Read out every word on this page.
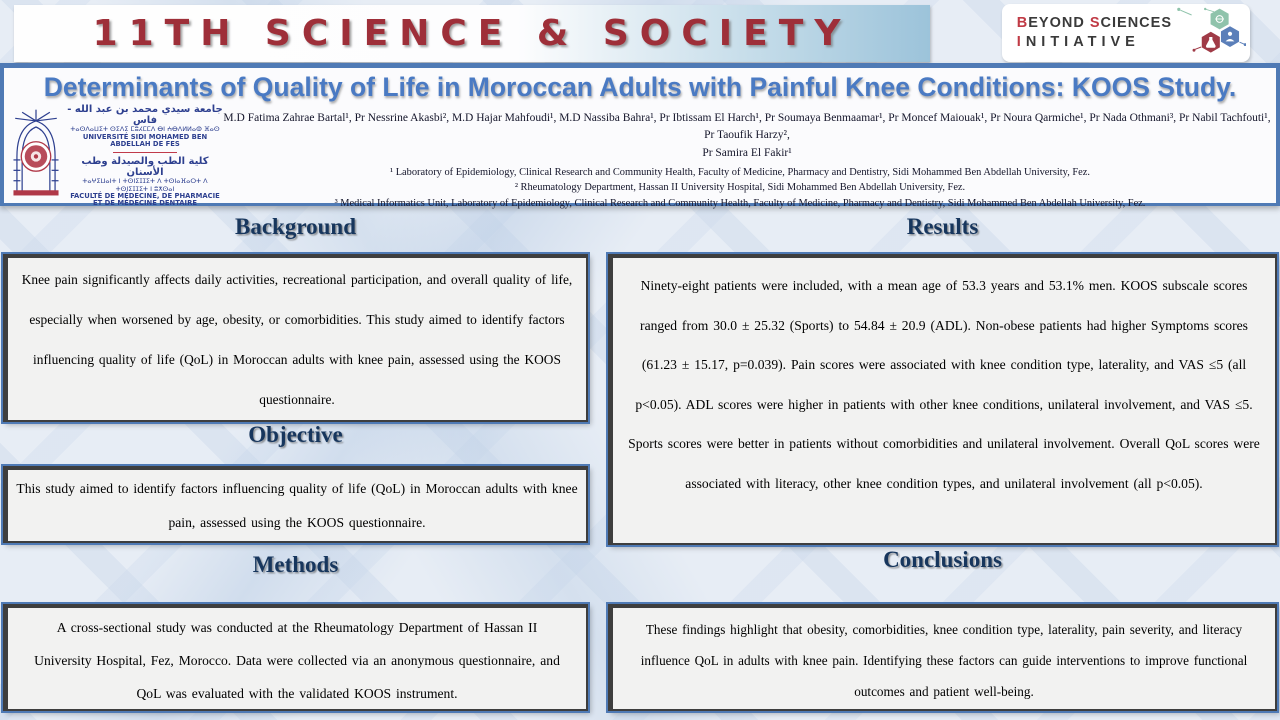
11TH SCIENCE & SOCIETY	BEYOND SCIENCES
INITIATIVE
Determinants of Quality of Life in Moroccan Adults with Painful Knee Conditions: KOOS Study.
جامعة سيدي محمد بن عبد الله - فاس
ⵜⴰⵙⴷⴰⵡⵉⵜ ⵙⵉⴷⵉ ⵎⵓⵃⵎⵎⴷ ⴱⵏ ⵄⴱⴷⵍⵍⴰⵀ ⴼⴰⵙ
UNIVERSITÉ SIDI MOHAMED BEN ABDELLAH DE FES
كلية الطب والصيدلة وطب الأسنان
ⵜⴰⵖⵉⵡⴰⵏⵜ ⵏ ⵜⵙⵏⵉⵊⵊⵉⵜ ⴷ ⵜⵙⵏⴰⴼⴰⵔⵜ ⴷ ⵜⵙⵏⵉⵊⵊⵉⵜ ⵏ ⵓⵅⵙⴰⵏ
FACULTÉ DE MÉDECINE, DE PHARMACIE ET DE MÉDECINE DENTAIRE
M.D Fatima Zahrae Bartal¹, Pr Nessrine Akasbi², M.D Hajar Mahfoudi¹, M.D Nassiba Bahra¹, Pr Ibtissam El Harch¹, Pr Soumaya Benmaamar¹, Pr Moncef Maiouak¹, Pr Noura Qarmiche¹, Pr Nada Othmani³, Pr Nabil Tachfouti¹, Pr Taoufik Harzy²,
Pr Samira El Fakir¹
¹ Laboratory of Epidemiology, Clinical Research and Community Health, Faculty of Medicine, Pharmacy and Dentistry, Sidi Mohammed Ben Abdellah University, Fez.
² Rheumatology Department, Hassan II University Hospital, Sidi Mohammed Ben Abdellah University, Fez.
³ Medical Informatics Unit, Laboratory of Epidemiology, Clinical Research and Community Health, Faculty of Medicine, Pharmacy and Dentistry, Sidi Mohammed Ben Abdellah University, Fez.
Background
Knee pain significantly affects daily activities, recreational participation, and overall quality of life, especially when worsened by age, obesity, or comorbidities. This study aimed to identify factors influencing quality of life (QoL) in Moroccan adults with knee pain, assessed using the KOOS questionnaire.
Objective
This study aimed to identify factors influencing quality of life (QoL) in Moroccan adults with knee pain, assessed using the KOOS questionnaire.
Methods
A cross-sectional study was conducted at the Rheumatology Department of Hassan II University Hospital, Fez, Morocco. Data were collected via an anonymous questionnaire, and QoL was evaluated with the validated KOOS instrument.
Results
Ninety-eight patients were included, with a mean age of 53.3 years and 53.1% men. KOOS subscale scores ranged from 30.0 ± 25.32 (Sports) to 54.84 ± 20.9 (ADL). Non-obese patients had higher Symptoms scores (61.23 ± 15.17, p=0.039). Pain scores were associated with knee condition type, laterality, and VAS ≤5 (all p<0.05). ADL scores were higher in patients with other knee conditions, unilateral involvement, and VAS ≤5. Sports scores were better in patients without comorbidities and unilateral involvement. Overall QoL scores were associated with literacy, other knee condition types, and unilateral involvement (all p<0.05).
Conclusions
These findings highlight that obesity, comorbidities, knee condition type, laterality, pain severity, and literacy influence QoL in adults with knee pain. Identifying these factors can guide interventions to improve functional outcomes and patient well-being.
